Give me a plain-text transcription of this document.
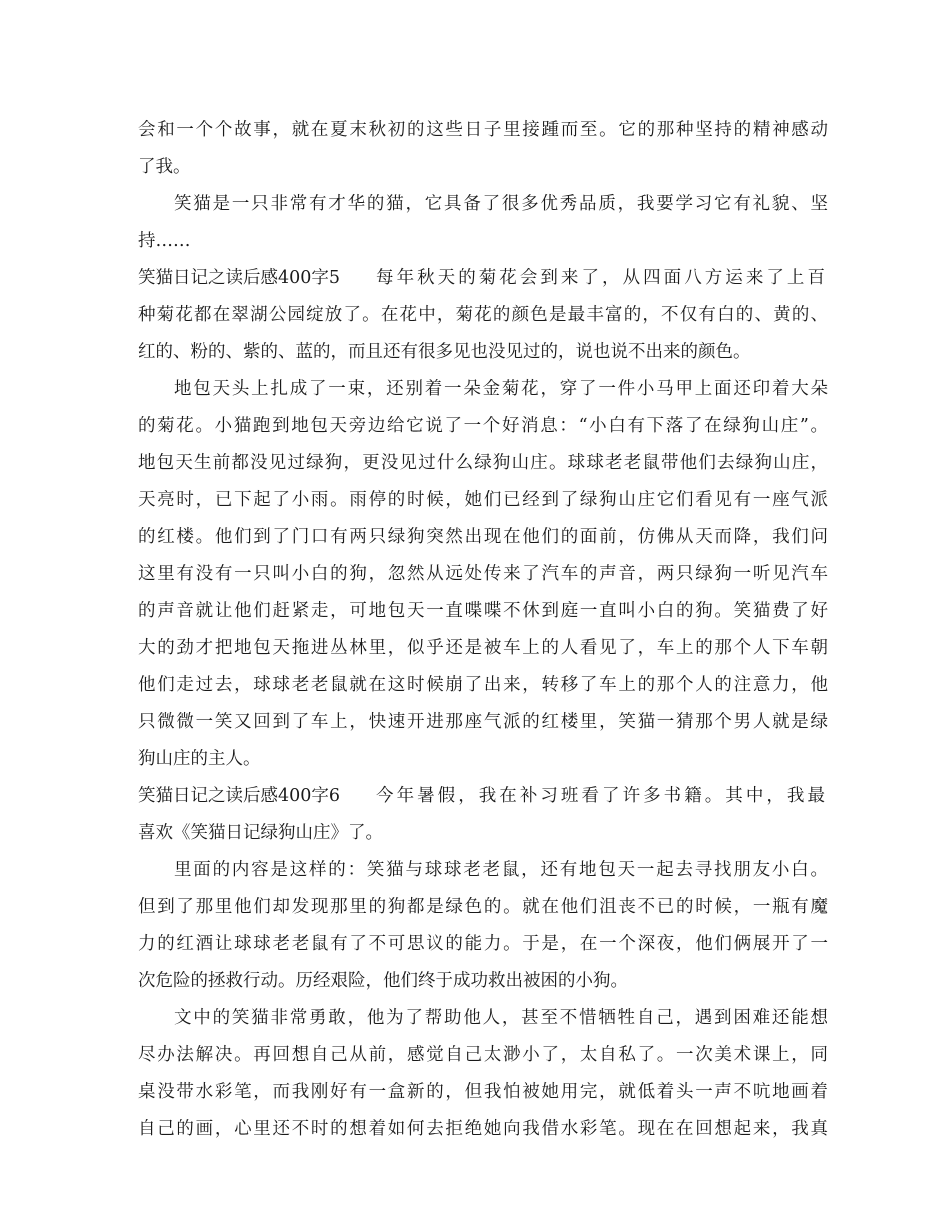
会和一个个故事，就在夏末秋初的这些日子里接踵而至。它的那种坚持的精神感动
了我。
笑猫是一只非常有才华的猫，它具备了很多优秀品质，我要学习它有礼貌、坚
持……
笑猫日记之读后感400字5 每年秋天的菊花会到来了，从四面八方运来了上百
种菊花都在翠湖公园绽放了。在花中，菊花的颜色是最丰富的，不仅有白的、黄的、
红的、粉的、紫的、蓝的，而且还有很多见也没见过的，说也说不出来的颜色。
地包天头上扎成了一束，还别着一朵金菊花，穿了一件小马甲上面还印着大朵
的菊花。小猫跑到地包天旁边给它说了一个好消息：“小白有下落了在绿狗山庄”。
地包天生前都没见过绿狗，更没见过什么绿狗山庄。球球老老鼠带他们去绿狗山庄，
天亮时，已下起了小雨。雨停的时候，她们已经到了绿狗山庄它们看见有一座气派
的红楼。他们到了门口有两只绿狗突然出现在他们的面前，仿佛从天而降，我们问
这里有没有一只叫小白的狗，忽然从远处传来了汽车的声音，两只绿狗一听见汽车
的声音就让他们赶紧走，可地包天一直喋喋不休到庭一直叫小白的狗。笑猫费了好
大的劲才把地包天拖进丛林里，似乎还是被车上的人看见了，车上的那个人下车朝
他们走过去，球球老老鼠就在这时候崩了出来，转移了车上的那个人的注意力，他
只微微一笑又回到了车上，快速开进那座气派的红楼里，笑猫一猜那个男人就是绿
狗山庄的主人。
笑猫日记之读后感400字6 今年暑假，我在补习班看了许多书籍。其中，我最
喜欢《笑猫日记绿狗山庄》了。
里面的内容是这样的：笑猫与球球老老鼠，还有地包天一起去寻找朋友小白。
但到了那里他们却发现那里的狗都是绿色的。就在他们沮丧不已的时候，一瓶有魔
力的红酒让球球老老鼠有了不可思议的能力。于是，在一个深夜，他们俩展开了一
次危险的拯救行动。历经艰险，他们终于成功救出被困的小狗。
文中的笑猫非常勇敢，他为了帮助他人，甚至不惜牺牲自己，遇到困难还能想
尽办法解决。再回想自己从前，感觉自己太渺小了，太自私了。一次美术课上，同
桌没带水彩笔，而我刚好有一盒新的，但我怕被她用完，就低着头一声不吭地画着
自己的画，心里还不时的想着如何去拒绝她向我借水彩笔。现在在回想起来，我真
